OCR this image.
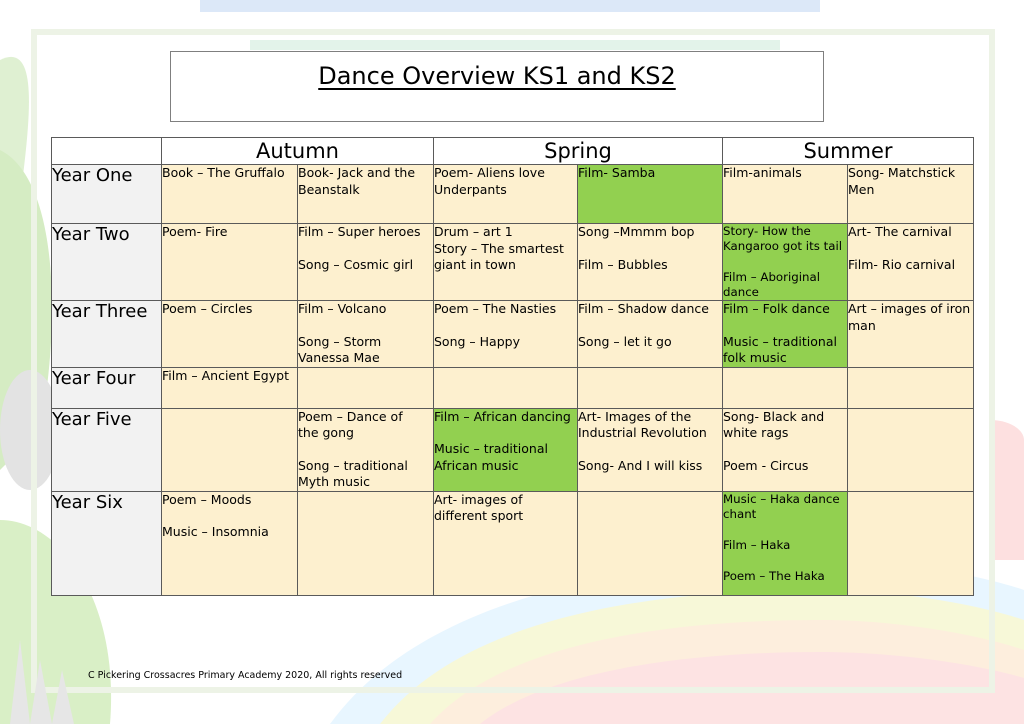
Dance Overview KS1 and KS2
	Autumn		Spring		Summer	
Year One	Book – The Gruffalo	Book- Jack and the
Beanstalk	Poem- Aliens love
Underpants	Film- Samba	Film-animals	Song- Matchstick
Men

Year Two	Poem- Fire	Film – Super heroes
Song – Cosmic girl	Drum – art 1
Story – The smartest
giant in town	Song –Mmmm bop
Film – Bubbles	Story- How the
Kangaroo got its tail
Film – Aboriginal
dance	Art- The carnival
Film- Rio carnival

Year Three	Poem – Circles	Film – Volcano
Song – Storm
Vanessa Mae	Poem – The Nasties
Song – Happy	Film – Shadow dance
Song – let it go	Film – Folk dance
Music – traditional
folk music	Art – images of iron
man

Year Four	Film – Ancient Egypt					

Year Five		Poem – Dance of
the gong
Song – traditional
Myth music	Film – African dancing
Music – traditional
African music	Art- Images of the
Industrial Revolution
Song- And I will kiss	Song- Black and
white rags
Poem - Circus	

Year Six	Poem – Moods
Music – Insomnia		Art- images of
different sport		Music – Haka dance
chant
Film – Haka
Poem – The Haka	

C Pickering Crossacres Primary Academy 2020, All rights reserved
